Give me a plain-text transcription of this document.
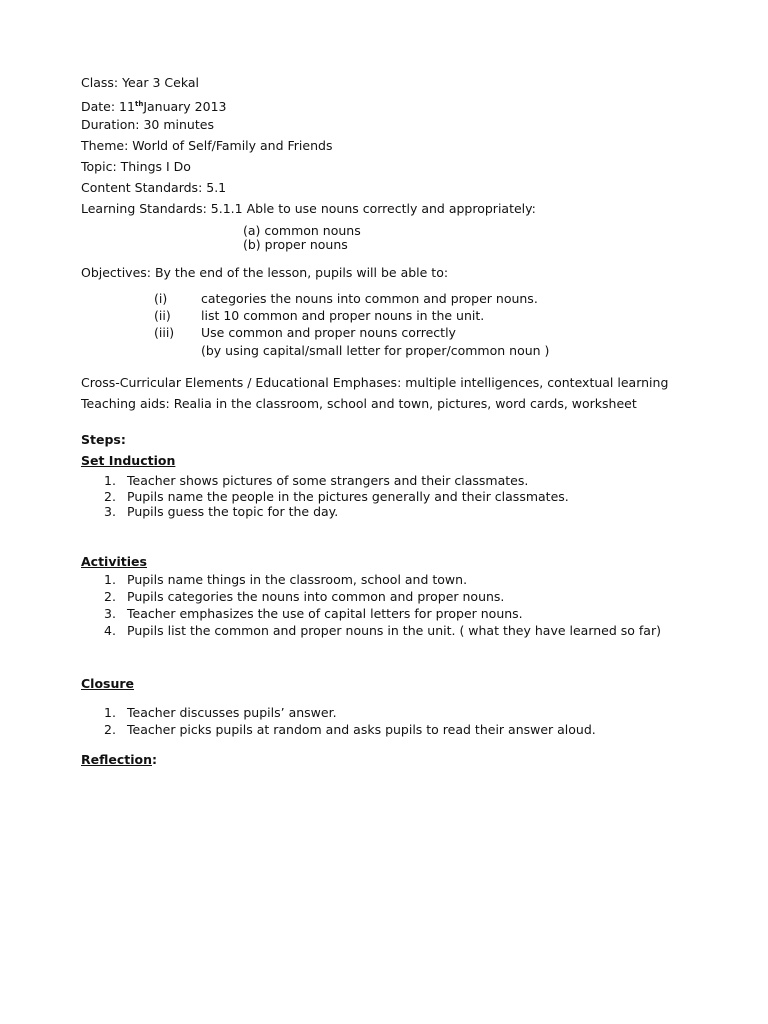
Class: Year 3 Cekal
Date: 11thJanuary 2013
Duration: 30 minutes
Theme: World of Self/Family and Friends
Topic: Things I Do
Content Standards: 5.1
Learning Standards: 5.1.1 Able to use nouns correctly and appropriately:
(a) common nouns
(b) proper nouns
Objectives: By the end of the lesson, pupils will be able to:
(i)	categories the nouns into common and proper nouns.
(ii) list 10 common and proper nouns in the unit.
(iii) Use common and proper nouns correctly
(by using capital/small letter for proper/common noun )
Cross-Curricular Elements / Educational Emphases: multiple intelligences, contextual learning
Teaching aids: Realia in the classroom, school and town, pictures, word cards, worksheet
Steps:
Set Induction
1. Teacher shows pictures of some strangers and their classmates.
2. Pupils name the people in the pictures generally and their classmates.
3. Pupils guess the topic for the day.
Activities
1. Pupils name things in the classroom, school and town.
2. Pupils categories the nouns into common and proper nouns.
3. Teacher emphasizes the use of capital letters for proper nouns.
4. Pupils list the common and proper nouns in the unit. ( what they have learned so far)
Closure
1. Teacher discusses pupils’ answer.
2. Teacher picks pupils at random and asks pupils to read their answer aloud.
Reflection:
